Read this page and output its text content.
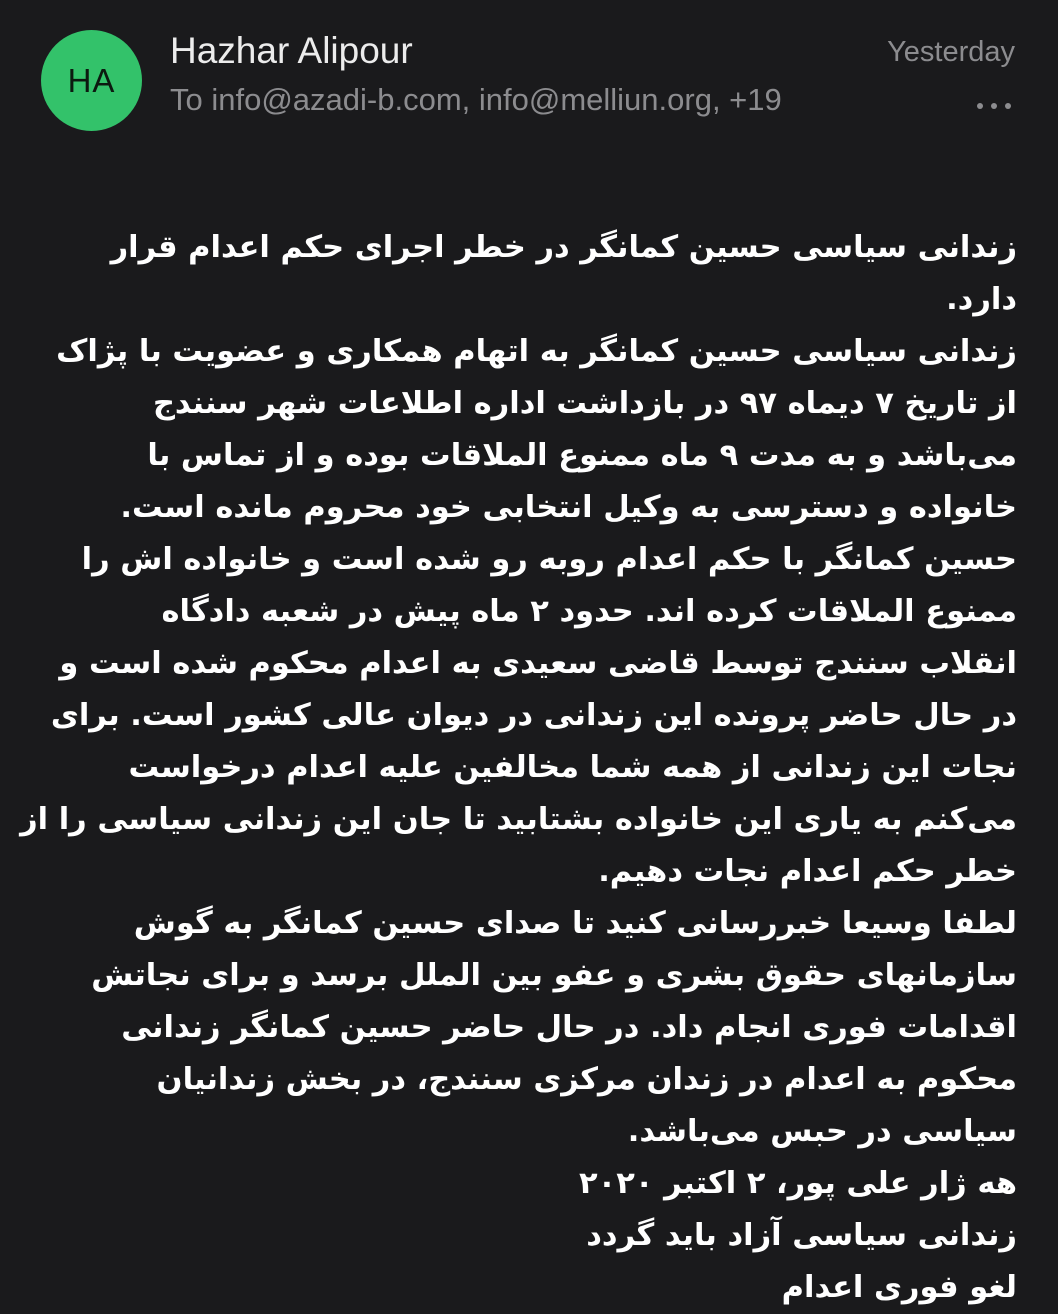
HA
Hazhar Alipour
To info@azadi-b.com, info@melliun.org, +19
Yesterday
زندانی سیاسی حسین کمانگر در خطر اجرای حکم اعدام قرار
دارد.
زندانی سیاسی حسین کمانگر به اتهام همکاری و عضویت با پژاک
از تاریخ ۷ دیماه ۹۷ در بازداشت اداره اطلاعات شهر سنندج
می‌باشد و به مدت ۹ ماه ممنوع الملاقات بوده و از تماس با
خانواده و دسترسی به وکیل انتخابی خود محروم مانده است.
حسین کمانگر با حکم اعدام روبه رو شده است و خانواده اش را
ممنوع الملاقات کرده اند. حدود ۲ ماه پیش در شعبه دادگاه
انقلاب سنندج توسط قاضی سعیدی به اعدام محکوم شده است و
در حال حاضر پرونده این زندانی در دیوان عالی کشور است. برای
نجات این زندانی از همه شما مخالفین علیه اعدام درخواست
می‌کنم به یاری این خانواده بشتابید تا جان این زندانی سیاسی را از
خطر حکم اعدام نجات دهیم.
لطفا وسیعا خبررسانی کنید تا صدای حسین کمانگر به گوش
سازمانهای حقوق بشری و عفو بین الملل برسد و برای نجاتش
اقدامات فوری انجام داد. در حال حاضر حسین کمانگر زندانی
محکوم به اعدام در زندان مرکزی سنندج، در بخش زندانیان
سیاسی در حبس می‌باشد.
هه ژار علی پور، ۲ اکتبر ۲۰۲۰
زندانی سیاسی آزاد باید گردد
لغو فوری اعدام
